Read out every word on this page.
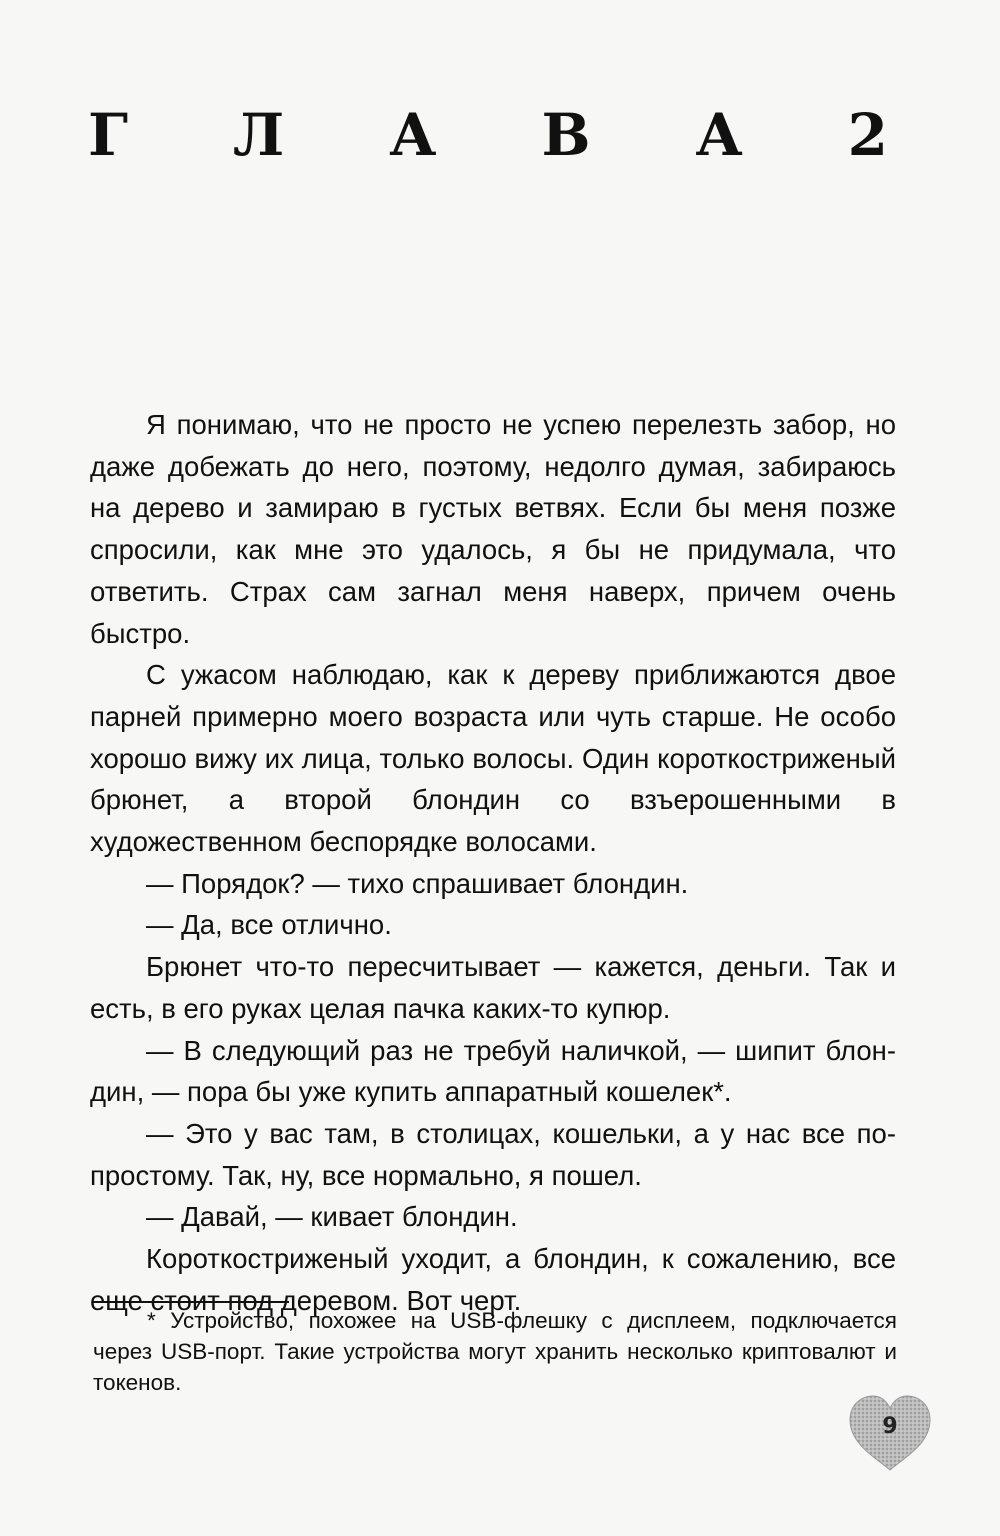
Г Л А В А 2

Я понимаю, что не просто не успею перелезть забор, но даже добежать до него, поэтому, недолго думая, забираюсь на дерево и замираю в густых ветвях. Если бы меня позже спросили, как мне это удалось, я бы не придумала, что ответить. Страх сам загнал меня наверх, причем очень быстро.

С ужасом наблюдаю, как к дереву приближаются двое парней примерно моего возраста или чуть старше. Не особо хорошо вижу их лица, только волосы. Один короткостриженый брюнет, а второй блондин со взъерошенными в художественном беспорядке волосами.

— Порядок? — тихо спрашивает блондин.

— Да, все отлично.

Брюнет что-то пересчитывает — кажется, деньги. Так и есть, в его руках целая пачка каких-то купюр.

— В следующий раз не требуй наличкой, — шипит блондин, — пора бы уже купить аппаратный кошелек*.

— Это у вас там, в столицах, кошельки, а у нас все по-простому. Так, ну, все нормально, я пошел.

— Давай, — кивает блондин.

Короткостриженый уходит, а блондин, к сожалению, все еще стоит под деревом. Вот черт.

* Устройство, похожее на USB-флешку с дисплеем, подключается через USB-порт. Такие устройства могут хранить несколько криптовалют и токенов.

9
